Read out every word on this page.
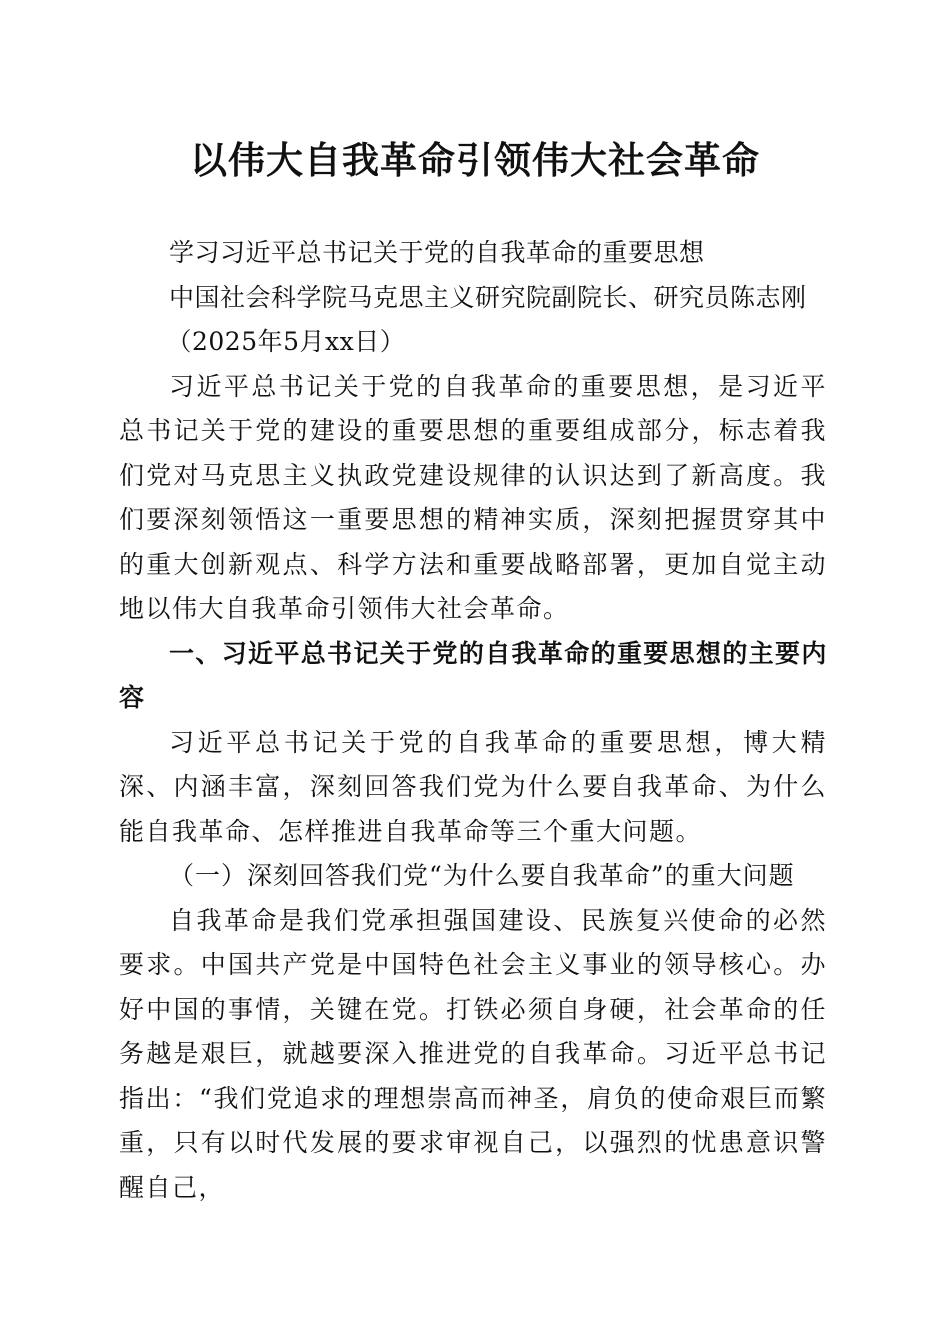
以伟大自我革命引领伟大社会革命

学习习近平总书记关于党的自我革命的重要思想

中国社会科学院马克思主义研究院副院长、研究员陈志刚

（2025年5月xx日）

习近平总书记关于党的自我革命的重要思想，是习近平总书记关于党的建设的重要思想的重要组成部分，标志着我们党对马克思主义执政党建设规律的认识达到了新高度。我们要深刻领悟这一重要思想的精神实质，深刻把握贯穿其中的重大创新观点、科学方法和重要战略部署，更加自觉主动地以伟大自我革命引领伟大社会革命。

一、习近平总书记关于党的自我革命的重要思想的主要内容

习近平总书记关于党的自我革命的重要思想，博大精深、内涵丰富，深刻回答我们党为什么要自我革命、为什么能自我革命、怎样推进自我革命等三个重大问题。

（一）深刻回答我们党“为什么要自我革命”的重大问题

自我革命是我们党承担强国建设、民族复兴使命的必然要求。中国共产党是中国特色社会主义事业的领导核心。办好中国的事情，关键在党。打铁必须自身硬，社会革命的任务越是艰巨，就越要深入推进党的自我革命。习近平总书记指出：“我们党追求的理想崇高而神圣，肩负的使命艰巨而繁重，只有以时代发展的要求审视自己，以强烈的忧患意识警醒自己，
